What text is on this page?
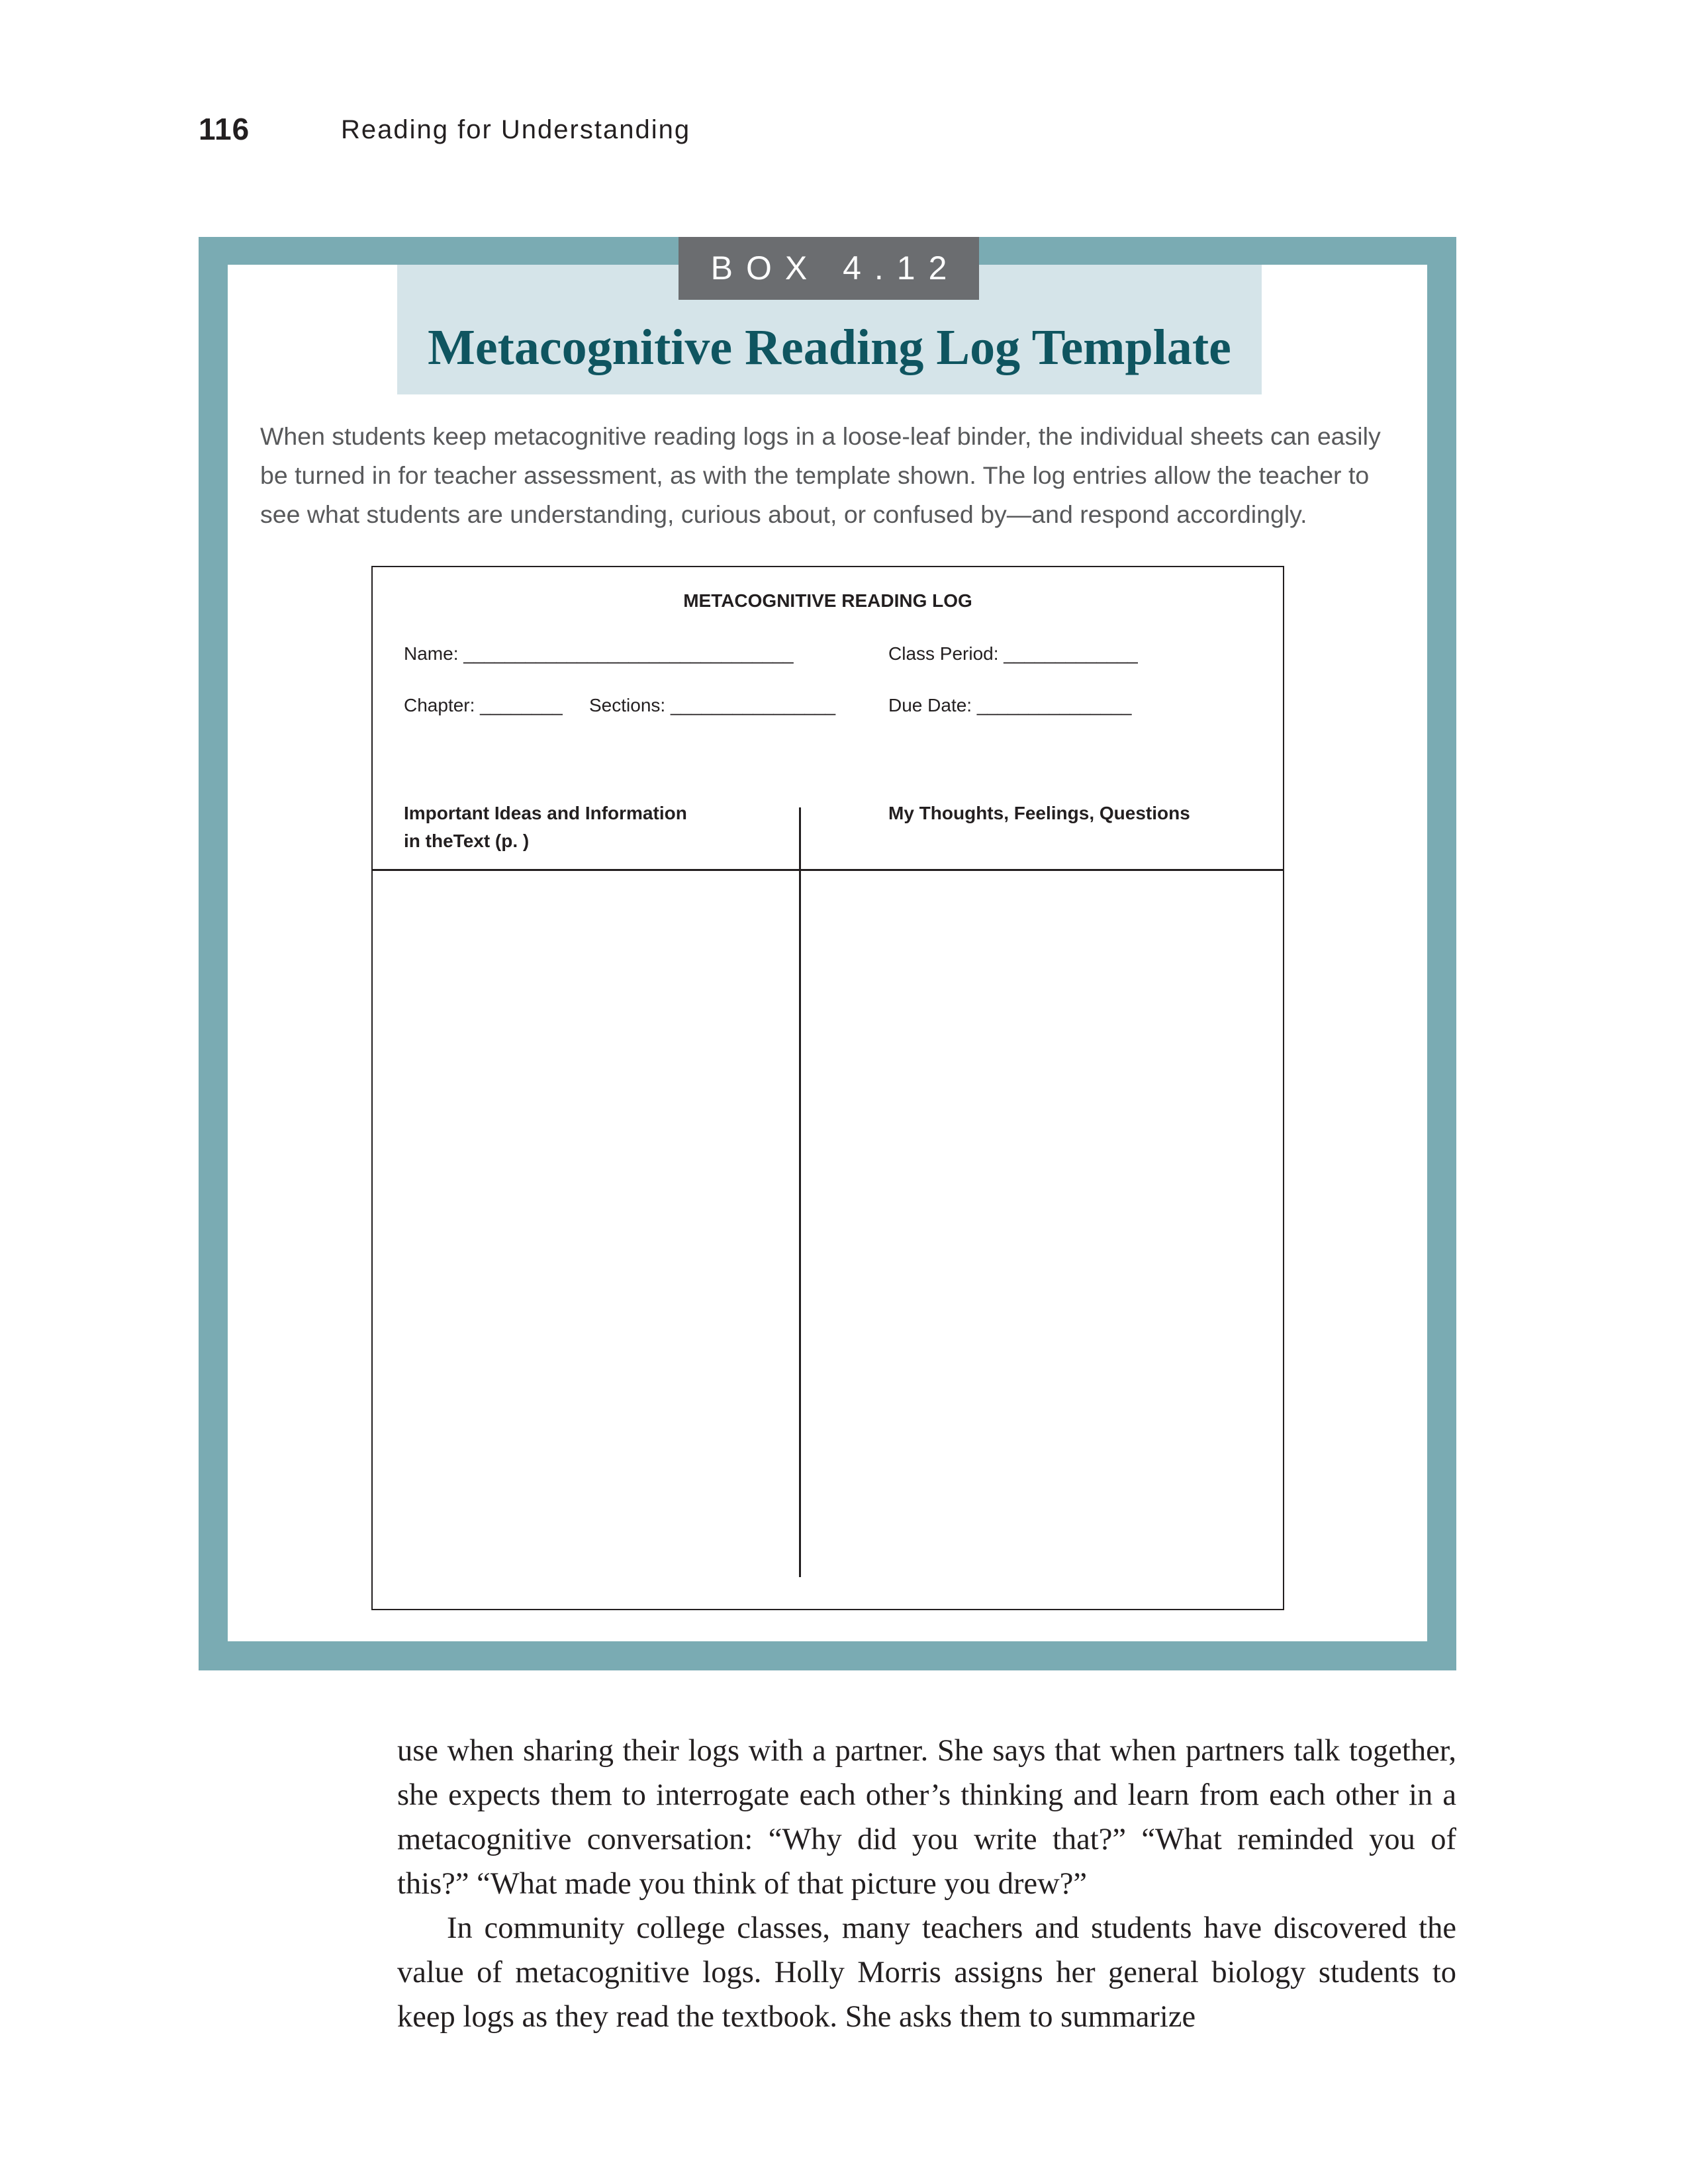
116	Reading for Understanding
BOX 4.12
Metacognitive Reading Log Template
When students keep metacognitive reading logs in a loose-leaf binder, the individual sheets can easily
be turned in for teacher assessment, as with the template shown. The log entries allow the teacher to
see what students are understanding, curious about, or confused by—and respond accordingly.
METACOGNITIVE READING LOG
Name: ________________________________	Class Period: _____________
Chapter: ________ Sections: ________________	Due Date: _______________
Important Ideas and Information
in theText (p. )
My Thoughts, Feelings, Questions

use when sharing their logs with a partner. She says that when partners talk together, she expects them to interrogate each other’s thinking and learn from each other in a metacognitive conversation: “Why did you write that?” “What reminded you of this?” “What made you think of that picture you drew?”

In community college classes, many teachers and students have discovered the value of metacognitive logs. Holly Morris assigns her general biology students to keep logs as they read the textbook. She asks them to summarize
